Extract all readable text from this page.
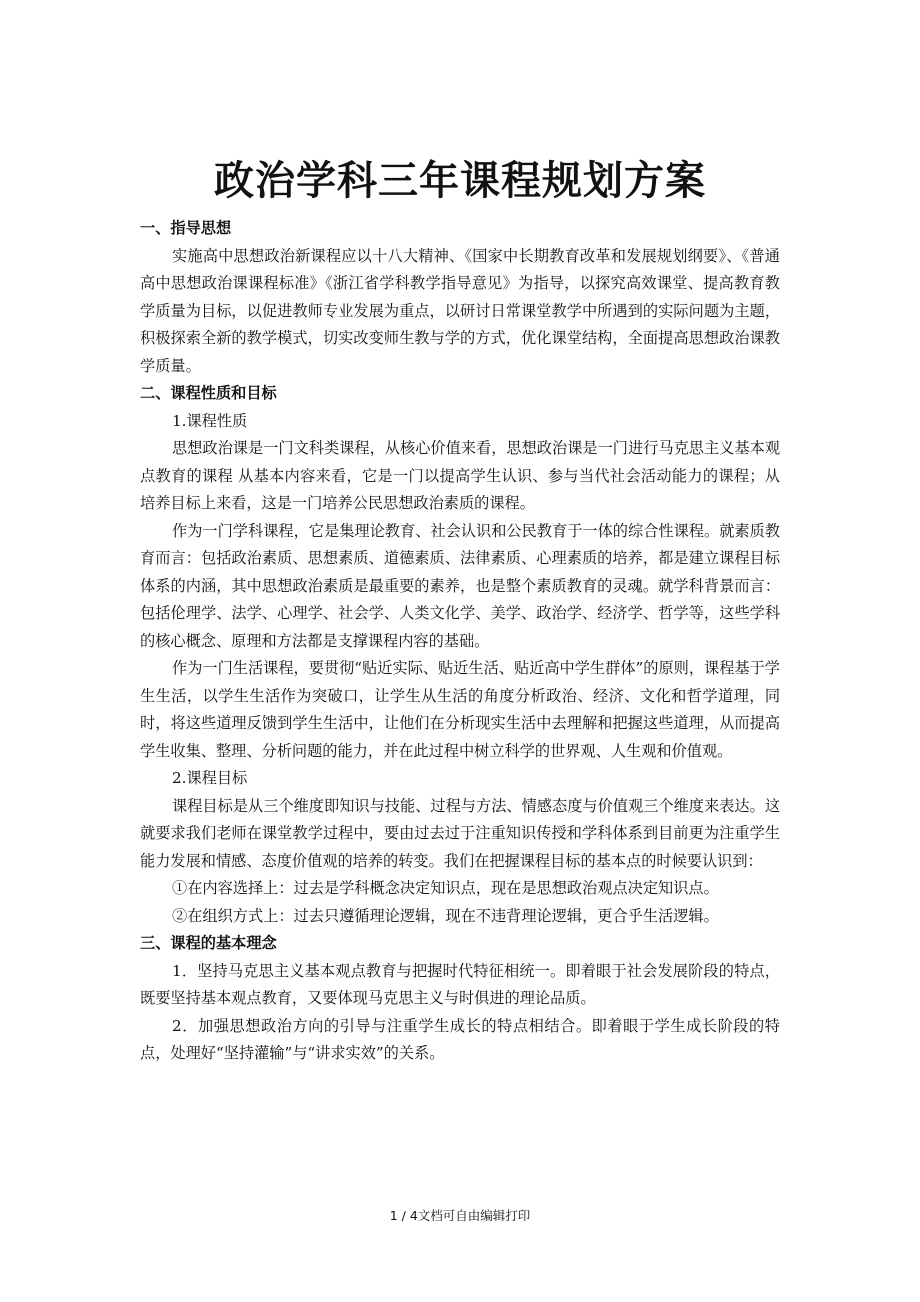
政治学科三年课程规划方案

一、指导思想

实施高中思想政治新课程应以十八大精神、《国家中长期教育改革和发展规划纲要》、《普通高中思想政治课课程标准》《浙江省学科教学指导意见》为指导，以探究高效课堂、提高教育教学质量为目标，以促进教师专业发展为重点，以研讨日常课堂教学中所遇到的实际问题为主题，积极探索全新的教学模式，切实改变师生教与学的方式，优化课堂结构，全面提高思想政治课教学质量。

二、课程性质和目标

1.课程性质

思想政治课是一门文科类课程，从核心价值来看，思想政治课是一门进行马克思主义基本观点教育的课程 从基本内容来看，它是一门以提高学生认识、参与当代社会活动能力的课程；从培养目标上来看，这是一门培养公民思想政治素质的课程。

作为一门学科课程，它是集理论教育、社会认识和公民教育于一体的综合性课程。就素质教育而言：包括政治素质、思想素质、道德素质、法律素质、心理素质的培养，都是建立课程目标体系的内涵，其中思想政治素质是最重要的素养，也是整个素质教育的灵魂。就学科背景而言：包括伦理学、法学、心理学、社会学、人类文化学、美学、政治学、经济学、哲学等，这些学科的核心概念、原理和方法都是支撑课程内容的基础。

作为一门生活课程，要贯彻“贴近实际、贴近生活、贴近高中学生群体”的原则，课程基于学生生活，以学生生活作为突破口，让学生从生活的角度分析政治、经济、文化和哲学道理，同时，将这些道理反馈到学生生活中，让他们在分析现实生活中去理解和把握这些道理，从而提高学生收集、整理、分析问题的能力，并在此过程中树立科学的世界观、人生观和价值观。

2.课程目标

课程目标是从三个维度即知识与技能、过程与方法、情感态度与价值观三个维度来表达。这就要求我们老师在课堂教学过程中，要由过去过于注重知识传授和学科体系到目前更为注重学生能力发展和情感、态度价值观的培养的转变。我们在把握课程目标的基本点的时候要认识到：

①在内容选择上：过去是学科概念决定知识点，现在是思想政治观点决定知识点。

②在组织方式上：过去只遵循理论逻辑，现在不违背理论逻辑，更合乎生活逻辑。

三、课程的基本理念

1．坚持马克思主义基本观点教育与把握时代特征相统一。即着眼于社会发展阶段的特点，既要坚持基本观点教育，又要体现马克思主义与时俱进的理论品质。

2．加强思想政治方向的引导与注重学生成长的特点相结合。即着眼于学生成长阶段的特点，处理好“坚持灌输”与“讲求实效”的关系。

1 / 4文档可自由编辑打印
